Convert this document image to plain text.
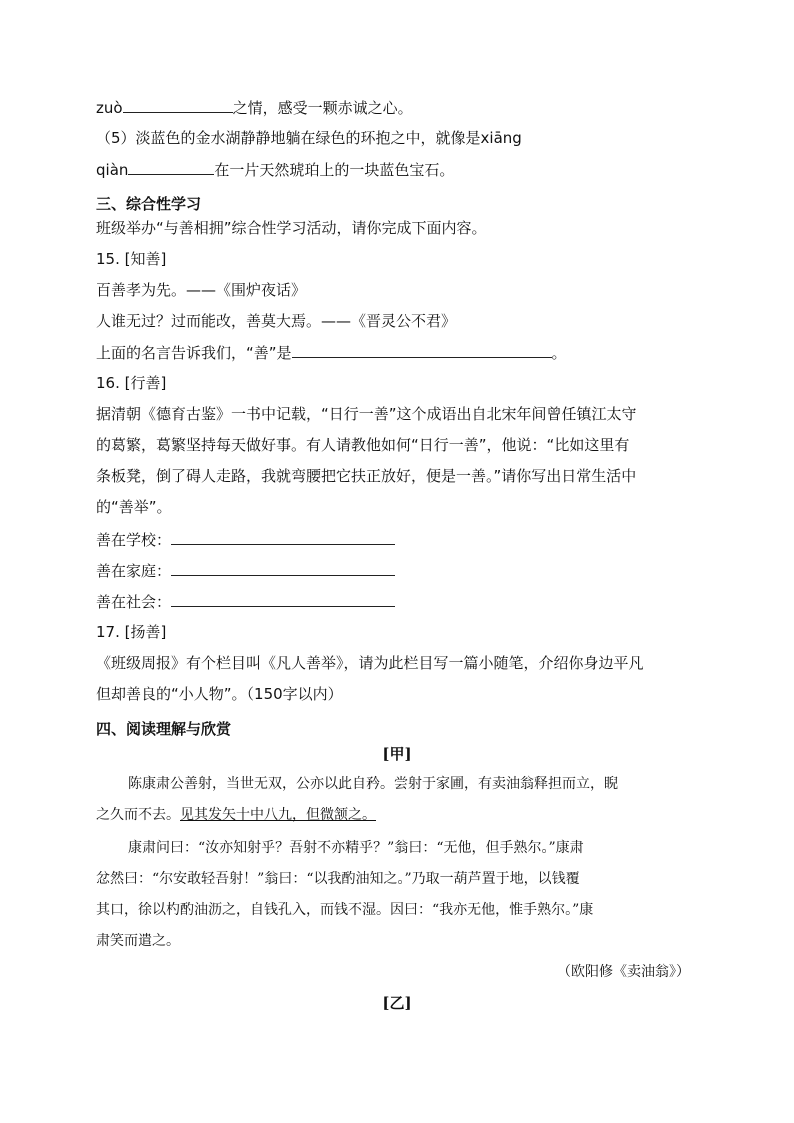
zuò	之情，感受一颗赤诚之心。
（5）淡蓝色的金水湖静静地躺在绿色的环抱之中，就像是xiāng
qiàn	在一片天然琥珀上的一块蓝色宝石。
三、综合性学习
班级举办“与善相拥”综合性学习活动，请你完成下面内容。
15. [知善]
百善孝为先。——《围炉夜话》
人谁无过？过而能改，善莫大焉。——《晋灵公不君》
上面的名言告诉我们，“善”是	。
16. [行善]
据清朝《德育古鉴》一书中记载，“日行一善”这个成语出自北宋年间曾任镇江太守
的葛繁，葛繁坚持每天做好事。有人请教他如何“日行一善”，他说：“比如这里有
条板凳，倒了碍人走路，我就弯腰把它扶正放好，便是一善。”请你写出日常生活中
的“善举”。
善在学校：
善在家庭：
善在社会：
17. [扬善]
《班级周报》有个栏目叫《凡人善举》，请为此栏目写一篇小随笔，介绍你身边平凡
但却善良的“小人物”。（150字以内）
四、阅读理解与欣赏
[甲]
陈康肃公善射，当世无双，公亦以此自矜。尝射于家圃，有卖油翁释担而立，睨
之久而不去。见其发矢十中八九，但微颔之。
康肃问曰：“汝亦知射乎？吾射不亦精乎？”翁曰：“无他，但手熟尔。”康肃
忿然曰：“尔安敢轻吾射！”翁曰：“以我酌油知之。”乃取一葫芦置于地，以钱覆
其口，徐以杓酌油沥之，自钱孔入，而钱不湿。因曰：“我亦无他，惟手熟尔。”康
肃笑而遣之。
（欧阳修《卖油翁》）
[乙]
